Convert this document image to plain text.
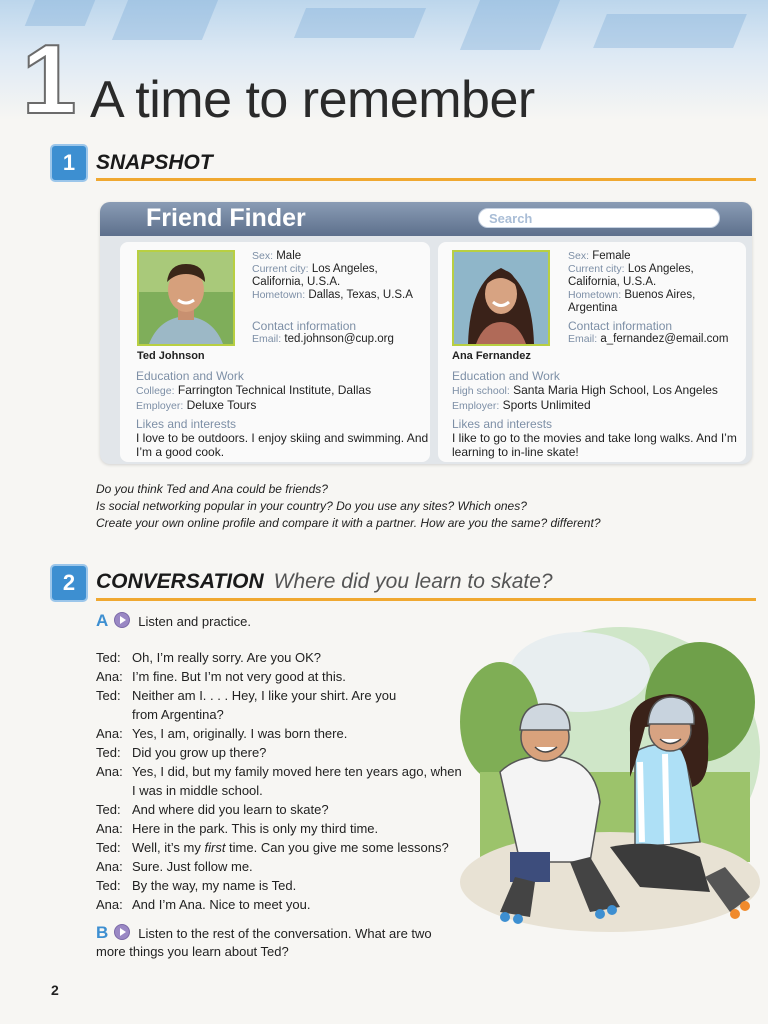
1 A time to remember
1 SNAPSHOT
Friend Finder	Search
Ted Johnson
Sex: Male
Current city: Los Angeles, California, U.S.A.
Hometown: Dallas, Texas, U.S.A
Contact information
Email: ted.johnson@cup.org
Education and Work
College: Farrington Technical Institute, Dallas
Employer: Deluxe Tours
Likes and interests
I love to be outdoors. I enjoy skiing and swimming. And I’m a good cook.
Ana Fernandez
Sex: Female
Current city: Los Angeles, California, U.S.A.
Hometown: Buenos Aires, Argentina
Contact information
Email: a_fernandez@email.com
Education and Work
High school: Santa Maria High School, Los Angeles
Employer: Sports Unlimited
Likes and interests
I like to go to the movies and take long walks. And I’m learning to in-line skate!
Do you think Ted and Ana could be friends?
Is social networking popular in your country? Do you use any sites? Which ones?
Create your own online profile and compare it with a partner. How are you the same? different?
2 CONVERSATION Where did you learn to skate?
A Listen and practice.
Ted: Oh, I’m really sorry. Are you OK?
Ana: I’m fine. But I’m not very good at this.
Ted: Neither am I. . . . Hey, I like your shirt. Are you from Argentina?
Ana: Yes, I am, originally. I was born there.
Ted: Did you grow up there?
Ana: Yes, I did, but my family moved here ten years ago, when I was in middle school.
Ted: And where did you learn to skate?
Ana: Here in the park. This is only my third time.
Ted: Well, it’s my first time. Can you give me some lessons?
Ana: Sure. Just follow me.
Ted: By the way, my name is Ted.
Ana: And I’m Ana. Nice to meet you.
B Listen to the rest of the conversation. What are two more things you learn about Ted?
2
